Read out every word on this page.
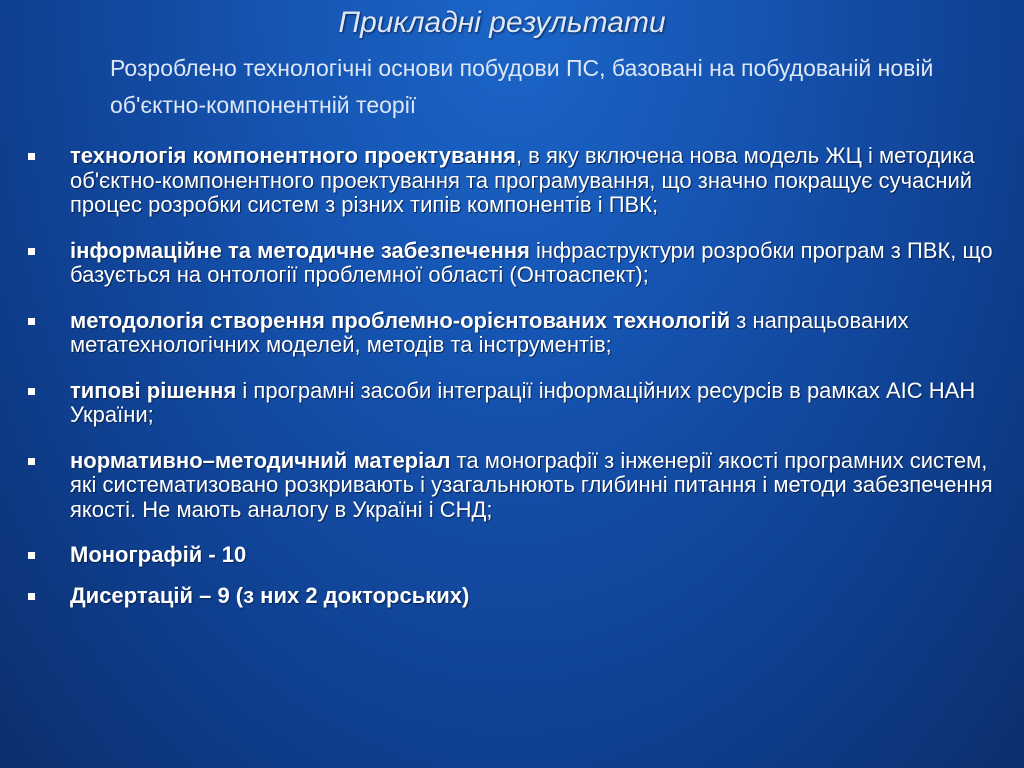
Прикладні результати

Розроблено технологічні основи побудови ПС, базовані на побудованій новій об'єктно-компонентній теорії

технологія компонентного проектування, в яку включена нова модель ЖЦ і методика об'єктно-компонентного проектування та програмування, що значно покращує сучасний процес розробки систем з різних типів компонентів і ПВК;
інформаційне та методичне забезпечення інфраструктури розробки програм з ПВК, що базується на онтології проблемної області (Онтоаспект);
методологія створення проблемно-орієнтованих технологій з напрацьованих метатехнологічних моделей, методів та інструментів;
типові рішення і програмні засоби інтеграції інформаційних ресурсів в рамках АІС НАН України;
нормативно–методичний матеріал та монографії з інженерії якості програмних систем, які систематизовано розкривають і узагальнюють глибинні питання і методи забезпечення якості. Не мають аналогу в Україні і СНД;
Монографій - 10
Дисертацій – 9 (з них 2 докторських)
